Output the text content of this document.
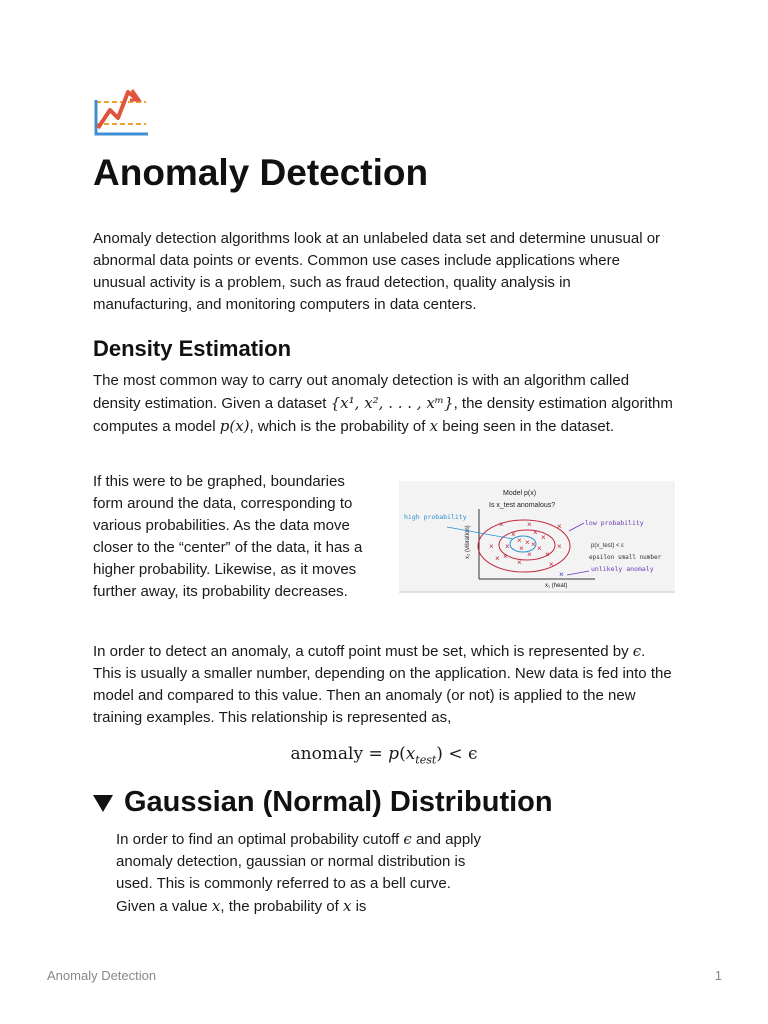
Anomaly Detection

Anomaly detection algorithms look at an unlabeled data set and determine unusual or abnormal data points or events. Common use cases include applications where unusual activity is a problem, such as fraud detection, quality analysis in manufacturing, and monitoring computers in data centers.

Density Estimation

The most common way to carry out anomaly detection is with an algorithm called density estimation. Given a dataset {x¹, x², . . . , xᵐ}, the density estimation algorithm computes a model p(x), which is the probability of x being seen in the dataset.

If this were to be graphed, boundaries form around the data, corresponding to various probabilities. As the data move closer to the “center” of the data, it has a higher probability. Likewise, as it moves further away, its probability decreases.

Model p(x)
Is x_test anomalous?
x₂ (vibration)
x₁ (heat)
×	×	×
× ×
×
× × ×
× ×
×
×
×
×
×
×
×	×
×
×
high probability
low probability
p(x_test) < ε
epsilon small number
unlikely anomaly

In order to detect an anomaly, a cutoff point must be set, which is represented by ϵ. This is usually a smaller number, depending on the application. New data is fed into the model and compared to this value. Then an anomaly (or not) is applied to the new training examples. This relationship is represented as,

anomaly = $p(x_{test}) < \epsilon$
Gaussian (Normal) Distribution

In order to find an optimal probability cutoff ϵ and apply anomaly detection, gaussian or normal distribution is used. This is commonly referred to as a bell curve. Given a value x, the probability of x is

Anomaly Detection	1
